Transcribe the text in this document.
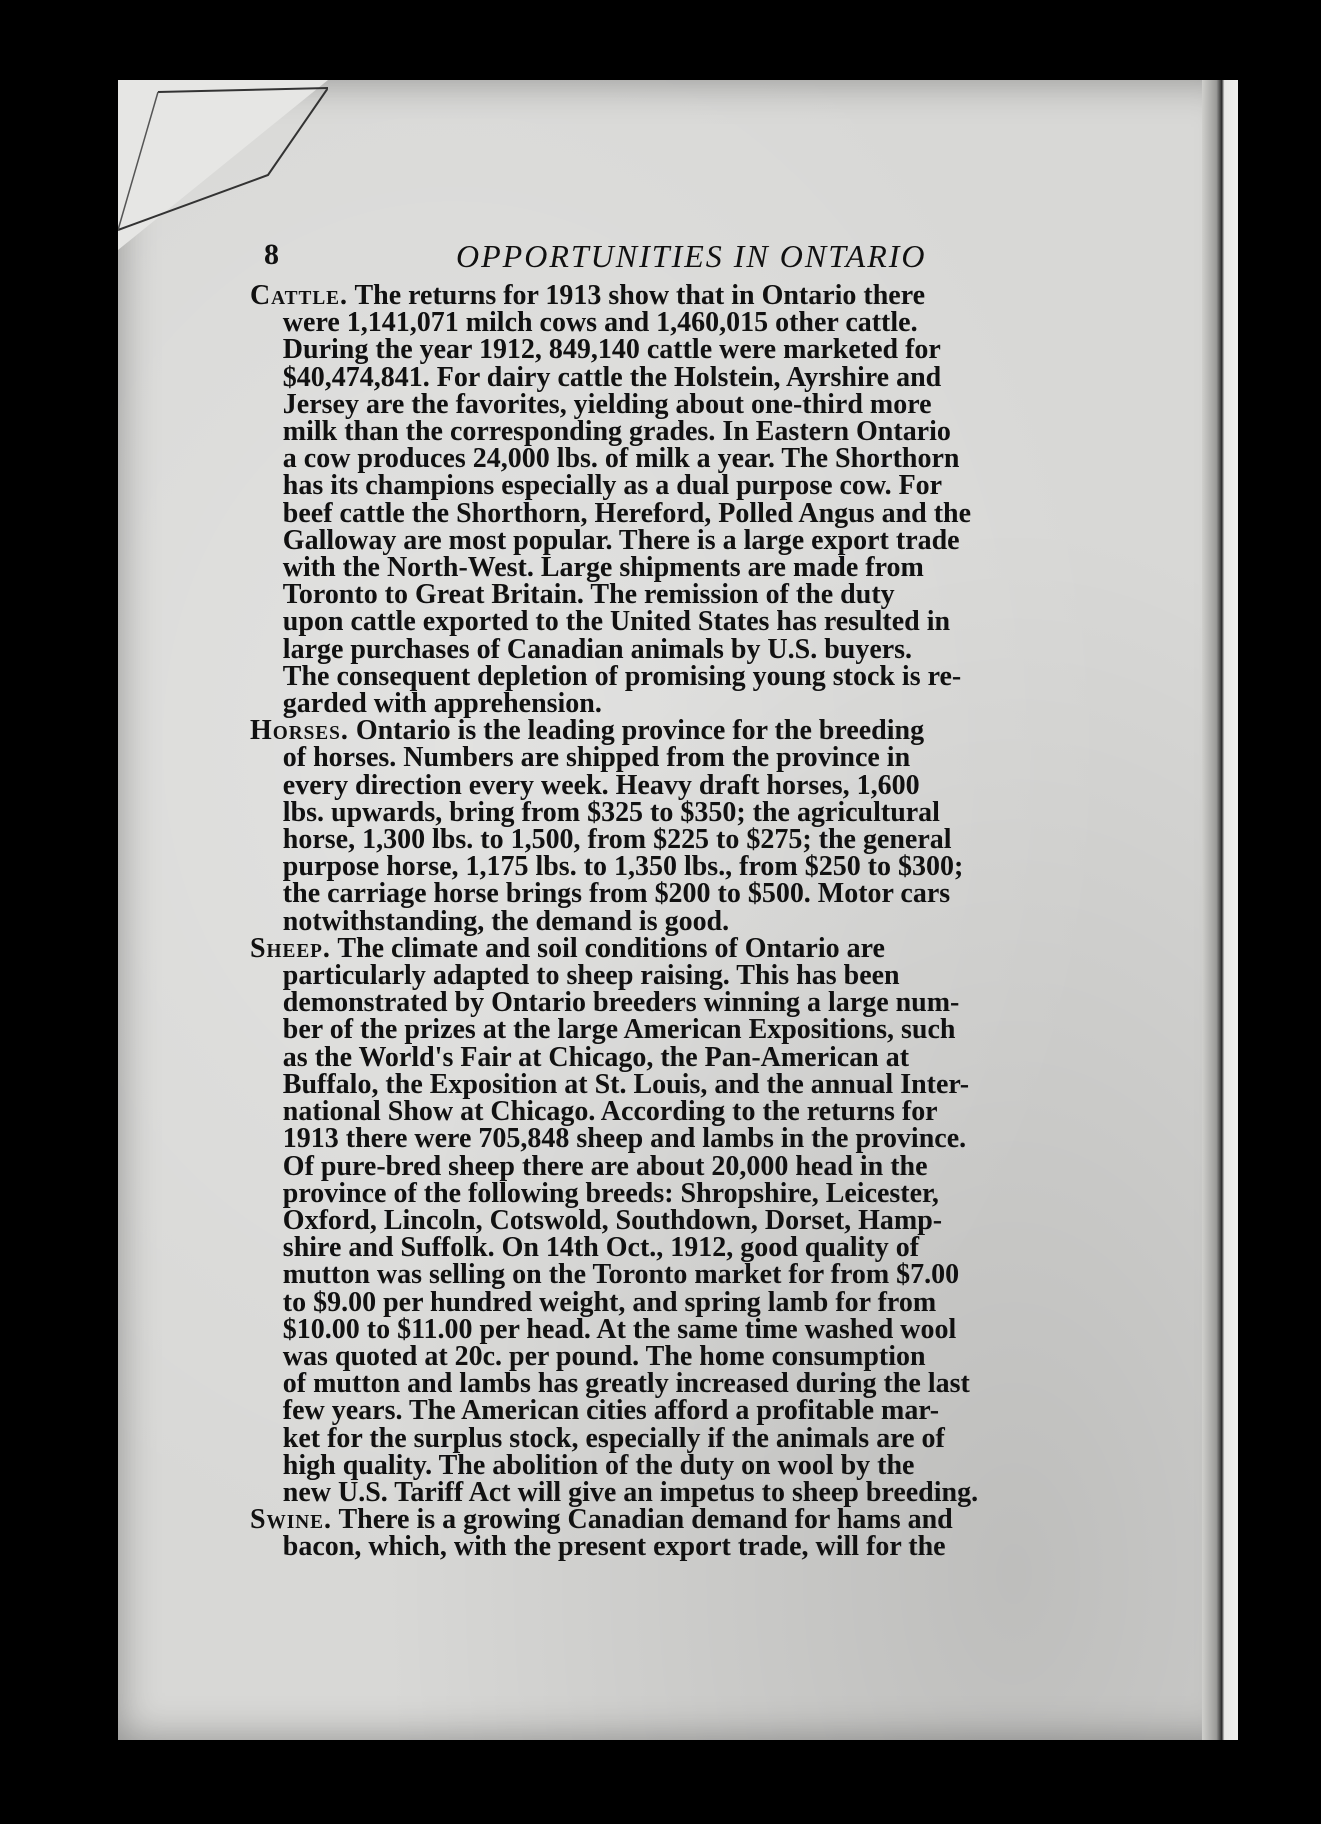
8	OPPORTUNITIES IN ONTARIO
Cattle. The returns for 1913 show that in Ontario there
were 1,141,071 milch cows and 1,460,015 other cattle.
During the year 1912, 849,140 cattle were marketed for
$40,474,841. For dairy cattle the Holstein, Ayrshire and
Jersey are the favorites, yielding about one-third more
milk than the corresponding grades. In Eastern Ontario
a cow produces 24,000 lbs. of milk a year. The Shorthorn
has its champions especially as a dual purpose cow. For
beef cattle the Shorthorn, Hereford, Polled Angus and the
Galloway are most popular. There is a large export trade
with the North-West. Large shipments are made from
Toronto to Great Britain. The remission of the duty
upon cattle exported to the United States has resulted in
large purchases of Canadian animals by U.S. buyers.
The consequent depletion of promising young stock is re-
garded with apprehension.
Horses. Ontario is the leading province for the breeding
of horses. Numbers are shipped from the province in
every direction every week. Heavy draft horses, 1,600
lbs. upwards, bring from $325 to $350; the agricultural
horse, 1,300 lbs. to 1,500, from $225 to $275; the general
purpose horse, 1,175 lbs. to 1,350 lbs., from $250 to $300;
the carriage horse brings from $200 to $500. Motor cars
notwithstanding, the demand is good.
Sheep. The climate and soil conditions of Ontario are
particularly adapted to sheep raising. This has been
demonstrated by Ontario breeders winning a large num-
ber of the prizes at the large American Expositions, such
as the World's Fair at Chicago, the Pan-American at
Buffalo, the Exposition at St. Louis, and the annual Inter-
national Show at Chicago. According to the returns for
1913 there were 705,848 sheep and lambs in the province.
Of pure-bred sheep there are about 20,000 head in the
province of the following breeds: Shropshire, Leicester,
Oxford, Lincoln, Cotswold, Southdown, Dorset, Hamp-
shire and Suffolk. On 14th Oct., 1912, good quality of
mutton was selling on the Toronto market for from $7.00
to $9.00 per hundred weight, and spring lamb for from
$10.00 to $11.00 per head. At the same time washed wool
was quoted at 20c. per pound. The home consumption
of mutton and lambs has greatly increased during the last
few years. The American cities afford a profitable mar-
ket for the surplus stock, especially if the animals are of
high quality. The abolition of the duty on wool by the
new U.S. Tariff Act will give an impetus to sheep breeding.
Swine. There is a growing Canadian demand for hams and
bacon, which, with the present export trade, will for the
